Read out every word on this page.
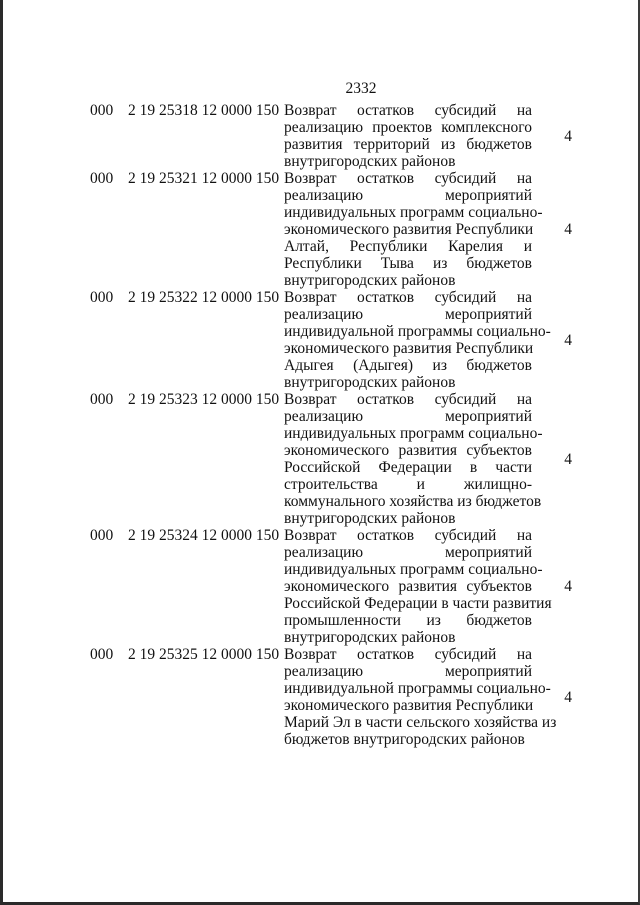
2332
000 2 19 25318 12 0000 150 Возврат остатков субсидий на
реализацию проектов комплексного
развития территорий из бюджетов
внутригородских районов
4
000 2 19 25321 12 0000 150 Возврат остатков субсидий на
реализацию мероприятий
индивидуальных программ социально-
экономического развития Республики
Алтай, Республики Карелия и
Республики Тыва из бюджетов
внутригородских районов
4
000 2 19 25322 12 0000 150 Возврат остатков субсидий на
реализацию мероприятий
индивидуальной программы социально-
экономического развития Республики
Адыгея (Адыгея) из бюджетов
внутригородских районов
4
000 2 19 25323 12 0000 150 Возврат остатков субсидий на
реализацию мероприятий
индивидуальных программ социально-
экономического развития субъектов
Российской Федерации в части
строительства и жилищно-
коммунального хозяйства из бюджетов
внутригородских районов
4
000 2 19 25324 12 0000 150 Возврат остатков субсидий на
реализацию мероприятий
индивидуальных программ социально-
экономического развития субъектов
Российской Федерации в части развития
промышленности из бюджетов
внутригородских районов
4
000 2 19 25325 12 0000 150 Возврат остатков субсидий на
реализацию мероприятий
индивидуальной программы социально-
экономического развития Республики
Марий Эл в части сельского хозяйства из
бюджетов внутригородских районов
4
